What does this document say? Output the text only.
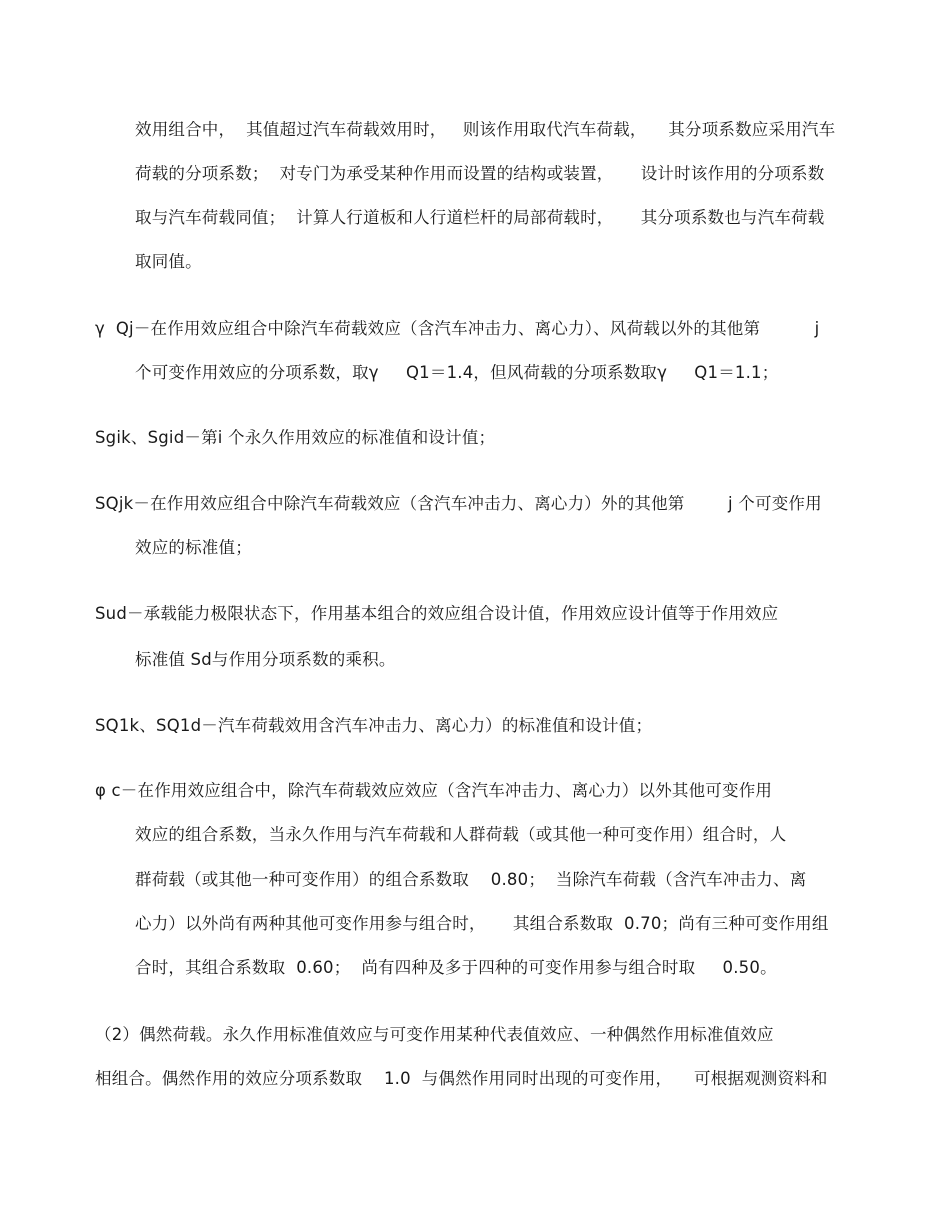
效用组合中，  其值超过汽车荷载效用时，   则该作用取代汽车荷载，    其分项系数应采用汽车
荷载的分项系数；  对专门为承受某种作用而设置的结构或装置，     设计时该作用的分项系数
取与汽车荷载同值；  计算人行道板和人行道栏杆的局部荷载时，     其分项系数也与汽车荷载
取同值。
γ  Qj－在作用效应组合中除汽车荷载效应（含汽车冲击力、离心力）、风荷载以外的其他第          j
个可变作用效应的分项系数，取γ     Q1＝1.4，但风荷载的分项系数取γ     Q1＝1.1；
Sgik、Sgid－第i 个永久作用效应的标准值和设计值；
SQjk－在作用效应组合中除汽车荷载效应（含汽车冲击力、离心力）外的其他第        j 个可变作用
效应的标准值；
Sud－承载能力极限状态下，作用基本组合的效应组合设计值，作用效应设计值等于作用效应
标准值 Sd与作用分项系数的乘积。
SQ1k、SQ1d－汽车荷载效用含汽车冲击力、离心力）的标准值和设计值；
φ c－在作用效应组合中，除汽车荷载效应效应（含汽车冲击力、离心力）以外其他可变作用
效应的组合系数，当永久作用与汽车荷载和人群荷载（或其他一种可变作用）组合时，人
群荷载（或其他一种可变作用）的组合系数取    0.80；  当除汽车荷载（含汽车冲击力、离
心力）以外尚有两种其他可变作用参与组合时，     其组合系数取  0.70；尚有三种可变作用组
合时，其组合系数取  0.60；  尚有四种及多于四种的可变作用参与组合时取     0.50。
（2）偶然荷载。永久作用标准值效应与可变作用某种代表值效应、一种偶然作用标准值效应
相组合。偶然作用的效应分项系数取    1.0  与偶然作用同时出现的可变作用，    可根据观测资料和
